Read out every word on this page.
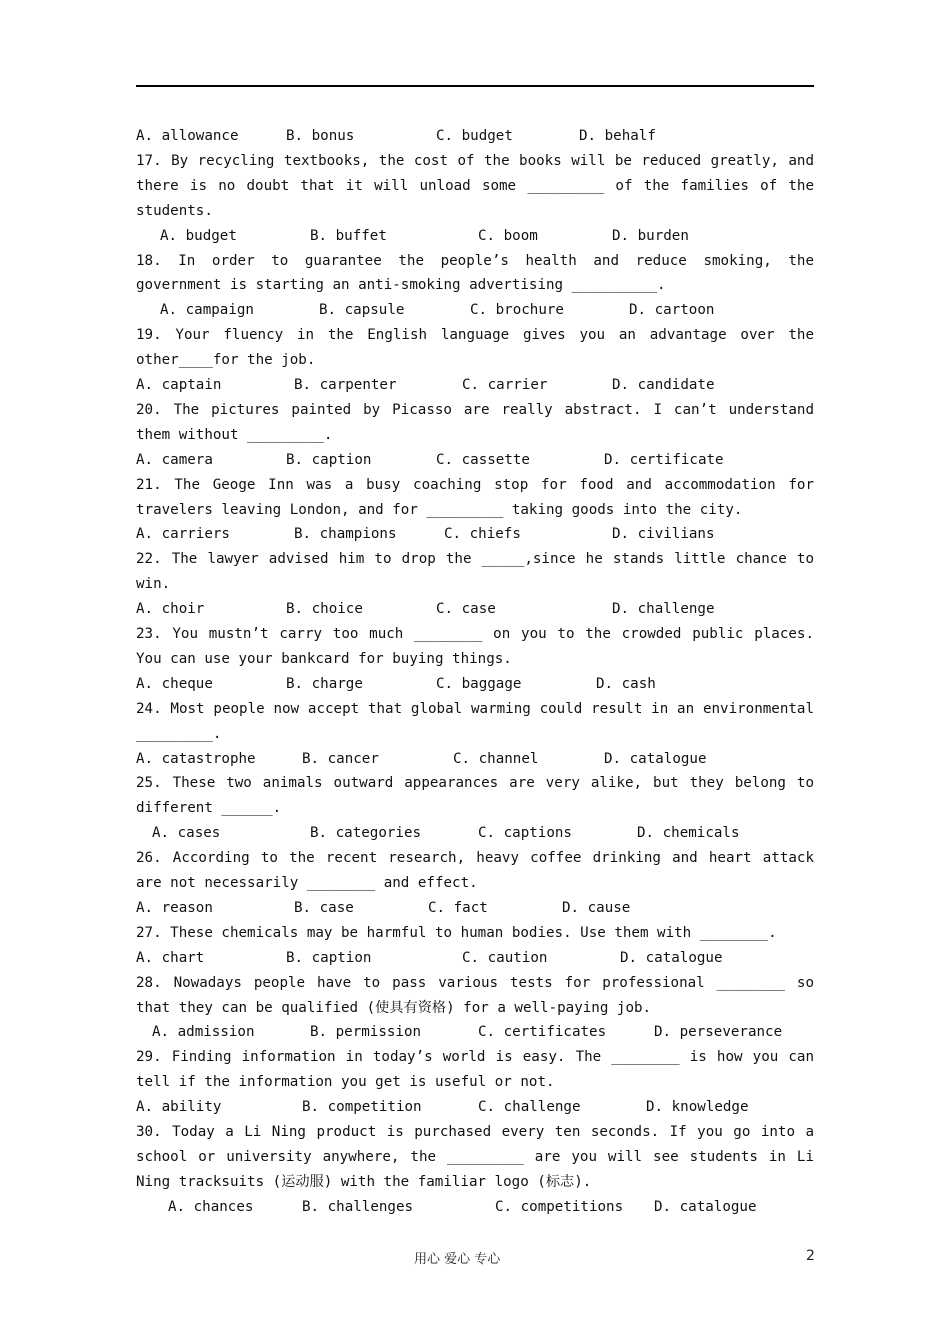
A. allowance	B. bonus	C. budget	D. behalf
17. By recycling textbooks, the cost of the books will be reduced greatly, and there is no doubt that it will unload some _________ of the families of the students.
A. budget	B. buffet	C. boom	D. burden
18. In order to guarantee the people’s health and reduce smoking, the government is starting an anti-smoking advertising __________.
A. campaign	B. capsule	C. brochure	D. cartoon
19. Your fluency in the English language gives you an advantage over the other____for the job.
A. captain	B. carpenter	C. carrier	D. candidate
20. The pictures painted by Picasso are really abstract. I can’t understand them without _________.
A. camera	B. caption	C. cassette	D. certificate
21. The Geoge Inn was a busy coaching stop for food and accommodation for travelers leaving London, and for _________ taking goods into the city.
A. carriers	B. champions	C. chiefs	D. civilians
22. The lawyer advised him to drop the _____,since he stands little chance to win.
A. choir	B. choice	C. case	D. challenge
23. You mustn’t carry too much ________ on you to the crowded public places. You can use your bankcard for buying things.
A. cheque	B. charge	C. baggage	D. cash
24. Most people now accept that global warming could result in an environmental _________.
A. catastrophe	B. cancer	C. channel	D. catalogue
25. These two animals outward appearances are very alike, but they belong to different ______.
A. cases	B. categories	C. captions	D. chemicals
26. According to the recent research, heavy coffee drinking and heart attack are not necessarily ________ and effect.
A. reason	B. case	C. fact	D. cause
27. These chemicals may be harmful to human bodies. Use them with ________.
A. chart	B. caption	C. caution	D. catalogue
28. Nowadays people have to pass various tests for professional ________ so that they can be qualified (使具有资格) for a well-paying job.
A. admission	B. permission	C. certificates	D. perseverance
29. Finding information in today’s world is easy. The ________ is how you can tell if the information you get is useful or not.
A. ability	B. competition	C. challenge	D. knowledge
30. Today a Li Ning product is purchased every ten seconds. If you go into a school or university anywhere, the _________ are you will see students in Li Ning tracksuits (运动服) with the familiar logo (标志).
A. chances	B. challenges	C. competitions D. catalogue
用心 爱心 专心	2
